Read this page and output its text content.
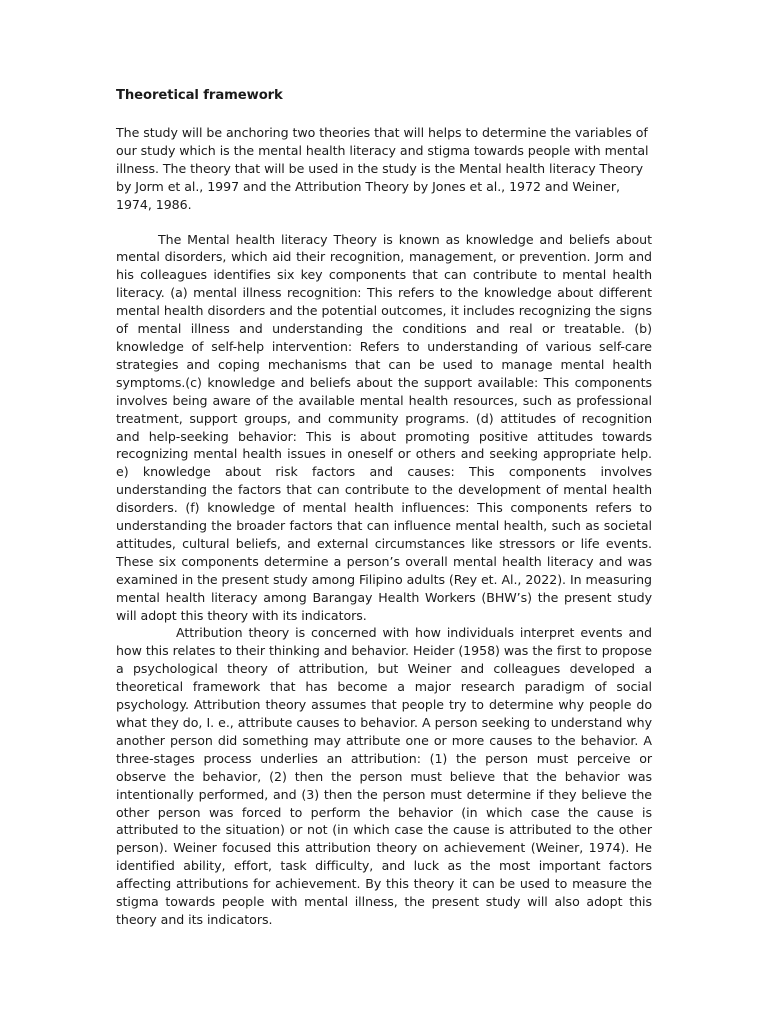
Theoretical framework

The study will be anchoring two theories that will helps to determine the variables of our study which is the mental health literacy and stigma towards people with mental illness. The theory that will be used in the study is the Mental health literacy Theory by Jorm et al., 1997 and the Attribution Theory by Jones et al., 1972 and Weiner, 1974, 1986.

The Mental health literacy Theory is known as knowledge and beliefs about mental disorders, which aid their recognition, management, or prevention. Jorm and his colleagues identifies six key components that can contribute to mental health literacy. (a) mental illness recognition: This refers to the knowledge about different mental health disorders and the potential outcomes, it includes recognizing the signs of mental illness and understanding the conditions and real or treatable. (b) knowledge of self-help intervention: Refers to understanding of various self-care strategies and coping mechanisms that can be used to manage mental health symptoms.(c) knowledge and beliefs about the support available: This components involves being aware of the available mental health resources, such as professional treatment, support groups, and community programs. (d) attitudes of recognition and help-seeking behavior: This is about promoting positive attitudes towards recognizing mental health issues in oneself or others and seeking appropriate help. e) knowledge about risk factors and causes: This components involves understanding the factors that can contribute to the development of mental health disorders. (f) knowledge of mental health influences: This components refers to understanding the broader factors that can influence mental health, such as societal attitudes, cultural beliefs, and external circumstances like stressors or life events. These six components determine a person’s overall mental health literacy and was examined in the present study among Filipino adults (Rey et. Al., 2022). In measuring mental health literacy among Barangay Health Workers (BHW’s) the present study will adopt this theory with its indicators.

Attribution theory is concerned with how individuals interpret events and how this relates to their thinking and behavior. Heider (1958) was the first to propose a psychological theory of attribution, but Weiner and colleagues developed a theoretical framework that has become a major research paradigm of social psychology. Attribution theory assumes that people try to determine why people do what they do, I. e., attribute causes to behavior. A person seeking to understand why another person did something may attribute one or more causes to the behavior. A three-stages process underlies an attribution: (1) the person must perceive or observe the behavior, (2) then the person must believe that the behavior was intentionally performed, and (3) then the person must determine if they believe the other person was forced to perform the behavior (in which case the cause is attributed to the situation) or not (in which case the cause is attributed to the other person). Weiner focused this attribution theory on achievement (Weiner, 1974). He identified ability, effort, task difficulty, and luck as the most important factors affecting attributions for achievement. By this theory it can be used to measure the stigma towards people with mental illness, the present study will also adopt this theory and its indicators.
